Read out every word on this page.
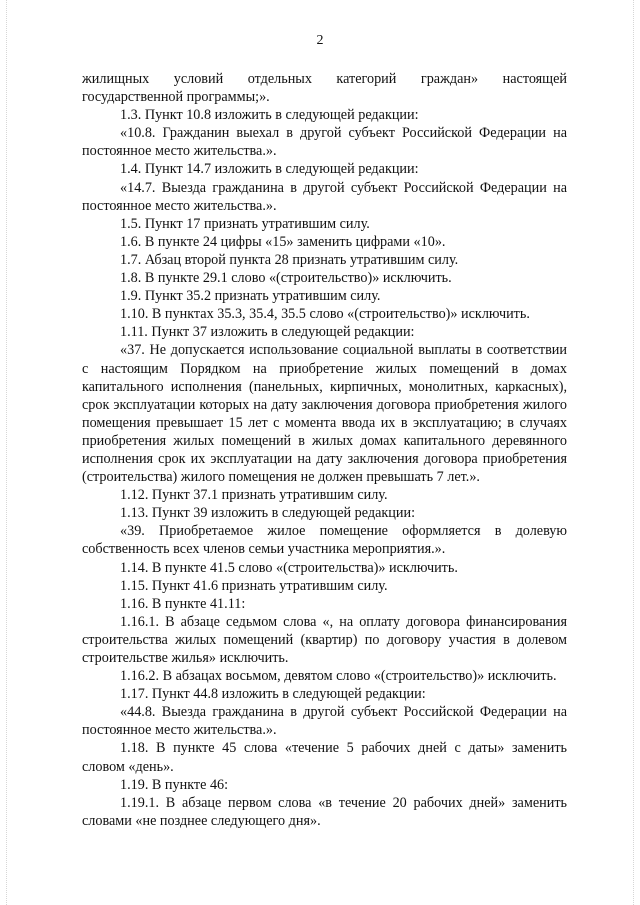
2

жилищных условий отдельных категорий граждан» настоящей

государственной программы;».

1.3. Пункт 10.8 изложить в следующей редакции:

«10.8. Гражданин выехал в другой субъект Российской Федерации на постоянное место жительства.».

1.4. Пункт 14.7 изложить в следующей редакции:

«14.7. Выезда гражданина в другой субъект Российской Федерации на постоянное место жительства.».

1.5. Пункт 17 признать утратившим силу.

1.6. В пункте 24 цифры «15» заменить цифрами «10».

1.7. Абзац второй пункта 28 признать утратившим силу.

1.8. В пункте 29.1 слово «(строительство)» исключить.

1.9. Пункт 35.2 признать утратившим силу.

1.10. В пунктах 35.3, 35.4, 35.5 слово «(строительство)» исключить.

1.11. Пункт 37 изложить в следующей редакции:

«37. Не допускается использование социальной выплаты в соответствии с настоящим Порядком на приобретение жилых помещений в домах капитального исполнения (панельных, кирпичных, монолитных, каркасных), срок эксплуатации которых на дату заключения договора приобретения жилого помещения превышает 15 лет с момента ввода их в эксплуатацию; в случаях приобретения жилых помещений в жилых домах капитального деревянного исполнения срок их эксплуатации на дату заключения договора приобретения (строительства) жилого помещения не должен превышать 7 лет.».

1.12. Пункт 37.1 признать утратившим силу.

1.13. Пункт 39 изложить в следующей редакции:

«39. Приобретаемое жилое помещение оформляется в долевую собственность всех членов семьи участника мероприятия.».

1.14. В пункте 41.5 слово «(строительства)» исключить.

1.15. Пункт 41.6 признать утратившим силу.

1.16. В пункте 41.11:

1.16.1. В абзаце седьмом слова «, на оплату договора финансирования строительства жилых помещений (квартир) по договору участия в долевом строительстве жилья» исключить.

1.16.2. В абзацах восьмом, девятом слово «(строительство)» исключить.

1.17. Пункт 44.8 изложить в следующей редакции:

«44.8. Выезда гражданина в другой субъект Российской Федерации на постоянное место жительства.».

1.18. В пункте 45 слова «течение 5 рабочих дней с даты» заменить словом «день».

1.19. В пункте 46:

1.19.1. В абзаце первом слова «в течение 20 рабочих дней» заменить словами «не позднее следующего дня».
